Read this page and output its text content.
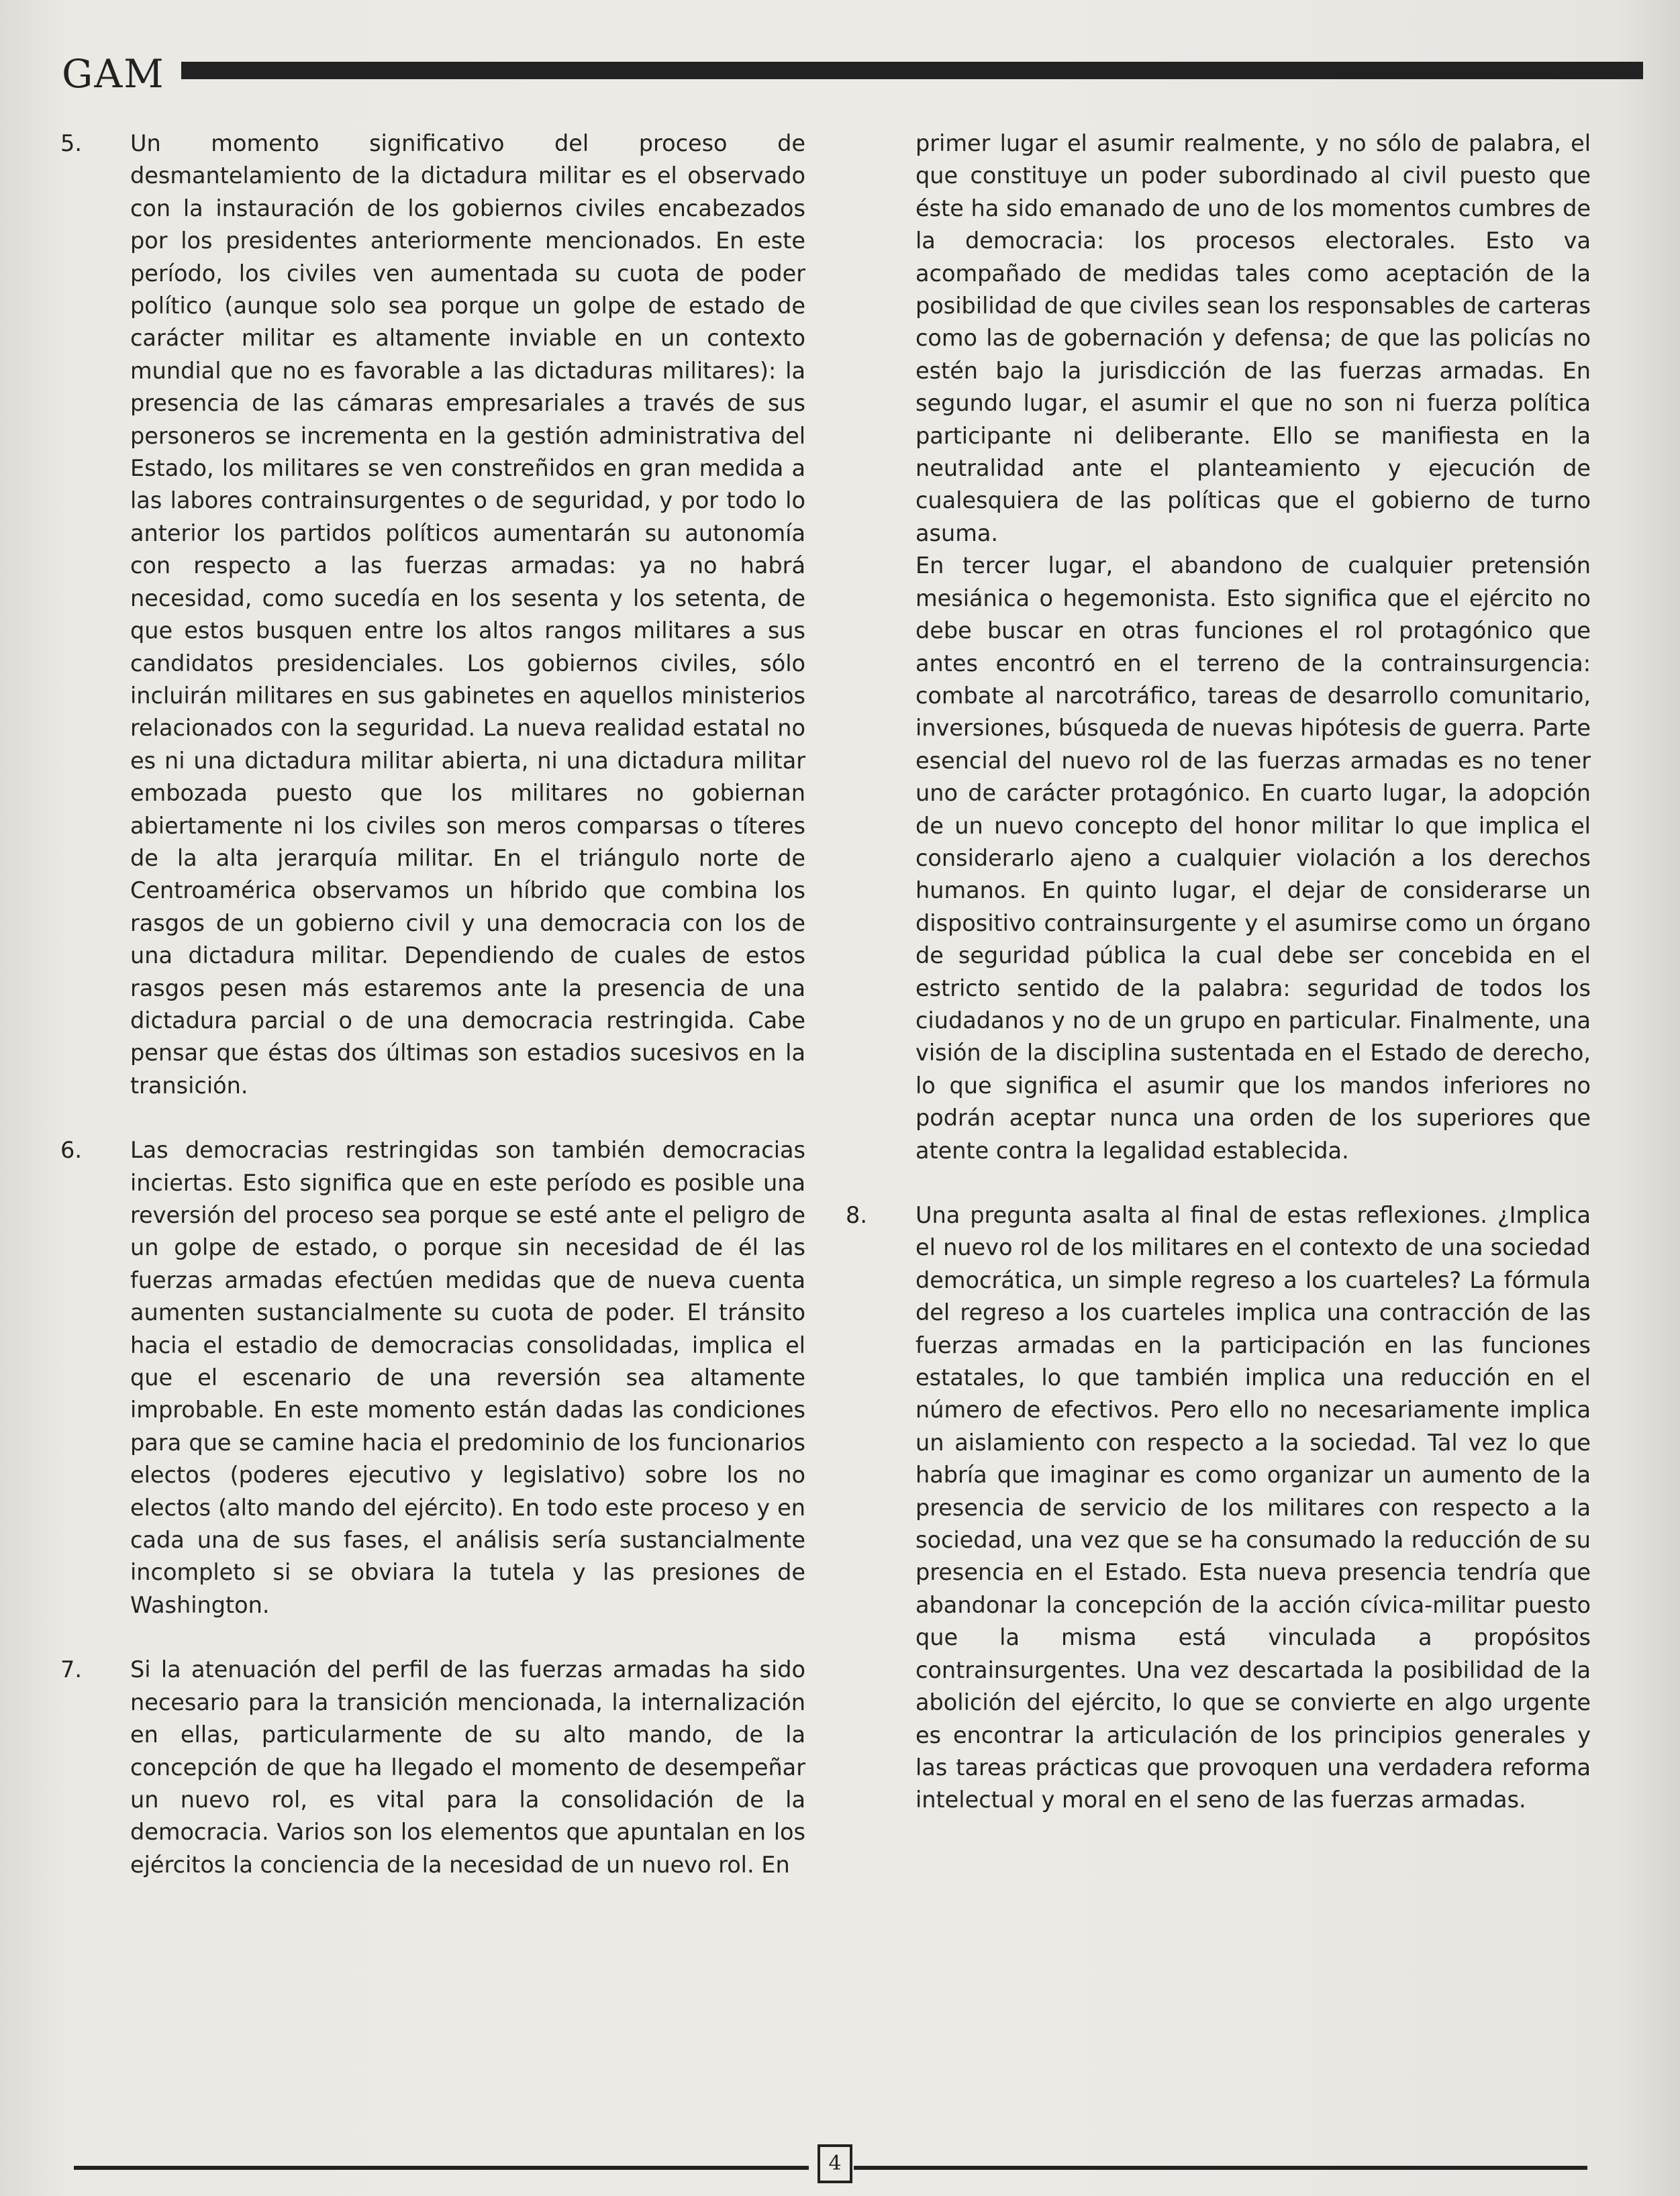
GAM
5. Un momento significativo del proceso de desmantelamiento de la dictadura militar es el observado con la instauración de los gobiernos civiles encabezados por los presidentes anteriormente mencionados. En este período, los civiles ven aumentada su cuota de poder político (aunque solo sea porque un golpe de estado de carácter militar es altamente inviable en un contexto mundial que no es favorable a las dictaduras militares): la presencia de las cámaras empresariales a través de sus personeros se incrementa en la gestión administrativa del Estado, los militares se ven constreñidos en gran medida a las labores contrainsurgentes o de seguridad, y por todo lo anterior los partidos políticos aumentarán su autonomía con respecto a las fuerzas armadas: ya no habrá necesidad, como sucedía en los sesenta y los setenta, de que estos busquen entre los altos rangos militares a sus candidatos presidenciales. Los gobiernos civiles, sólo incluirán militares en sus gabinetes en aquellos ministerios relacionados con la seguridad. La nueva realidad estatal no es ni una dictadura militar abierta, ni una dictadura militar embozada puesto que los militares no gobiernan abiertamente ni los civiles son meros comparsas o títeres de la alta jerarquía militar. En el triángulo norte de Centroamérica observamos un híbrido que combina los rasgos de un gobierno civil y una democracia con los de una dictadura militar. Dependiendo de cuales de estos rasgos pesen más estaremos ante la presencia de una dictadura parcial o de una democracia restringida. Cabe pensar que éstas dos últimas son estadios sucesivos en la transición.
6. Las democracias restringidas son también democracias inciertas. Esto significa que en este período es posible una reversión del proceso sea porque se esté ante el peligro de un golpe de estado, o porque sin necesidad de él las fuerzas armadas efectúen medidas que de nueva cuenta aumenten sustancialmente su cuota de poder. El tránsito hacia el estadio de democracias consolidadas, implica el que el escenario de una reversión sea altamente improbable. En este momento están dadas las condiciones para que se camine hacia el predominio de los funcionarios electos (poderes ejecutivo y legislativo) sobre los no electos (alto mando del ejército). En todo este proceso y en cada una de sus fases, el análisis sería sustancialmente incompleto si se obviara la tutela y las presiones de Washington.
7. Si la atenuación del perfil de las fuerzas armadas ha sido necesario para la transición mencionada, la internalización en ellas, particularmente de su alto mando, de la concepción de que ha llegado el momento de desempeñar un nuevo rol, es vital para la consolidación de la democracia. Varios son los elementos que apuntalan en los ejércitos la conciencia de la necesidad de un nuevo rol. En
primer lugar el asumir realmente, y no sólo de palabra, el que constituye un poder subordinado al civil puesto que éste ha sido emanado de uno de los momentos cumbres de la democracia: los procesos electorales. Esto va acompañado de medidas tales como aceptación de la posibilidad de que civiles sean los responsables de carteras como las de gobernación y defensa; de que las policías no estén bajo la jurisdicción de las fuerzas armadas. En segundo lugar, el asumir el que no son ni fuerza política participante ni deliberante. Ello se manifiesta en la neutralidad ante el planteamiento y ejecución de cualesquiera de las políticas que el gobierno de turno asuma.
En tercer lugar, el abandono de cualquier pretensión mesiánica o hegemonista. Esto significa que el ejército no debe buscar en otras funciones el rol protagónico que antes encontró en el terreno de la contrainsurgencia: combate al narcotráfico, tareas de desarrollo comunitario, inversiones, búsqueda de nuevas hipótesis de guerra. Parte esencial del nuevo rol de las fuerzas armadas es no tener uno de carácter protagónico. En cuarto lugar, la adopción de un nuevo concepto del honor militar lo que implica el considerarlo ajeno a cualquier violación a los derechos humanos. En quinto lugar, el dejar de considerarse un dispositivo contrainsurgente y el asumirse como un órgano de seguridad pública la cual debe ser concebida en el estricto sentido de la palabra: seguridad de todos los ciudadanos y no de un grupo en particular. Finalmente, una visión de la disciplina sustentada en el Estado de derecho, lo que significa el asumir que los mandos inferiores no podrán aceptar nunca una orden de los superiores que atente contra la legalidad establecida.
8. Una pregunta asalta al final de estas reflexiones. ¿Implica el nuevo rol de los militares en el contexto de una sociedad democrática, un simple regreso a los cuarteles? La fórmula del regreso a los cuarteles implica una contracción de las fuerzas armadas en la participación en las funciones estatales, lo que también implica una reducción en el número de efectivos. Pero ello no necesariamente implica un aislamiento con respecto a la sociedad. Tal vez lo que habría que imaginar es como organizar un aumento de la presencia de servicio de los militares con respecto a la sociedad, una vez que se ha consumado la reducción de su presencia en el Estado. Esta nueva presencia tendría que abandonar la concepción de la acción cívica-militar puesto que la misma está vinculada a propósitos contrainsurgentes. Una vez descartada la posibilidad de la abolición del ejército, lo que se convierte en algo urgente es encontrar la articulación de los principios generales y las tareas prácticas que provoquen una verdadera reforma intelectual y moral en el seno de las fuerzas armadas.
4
